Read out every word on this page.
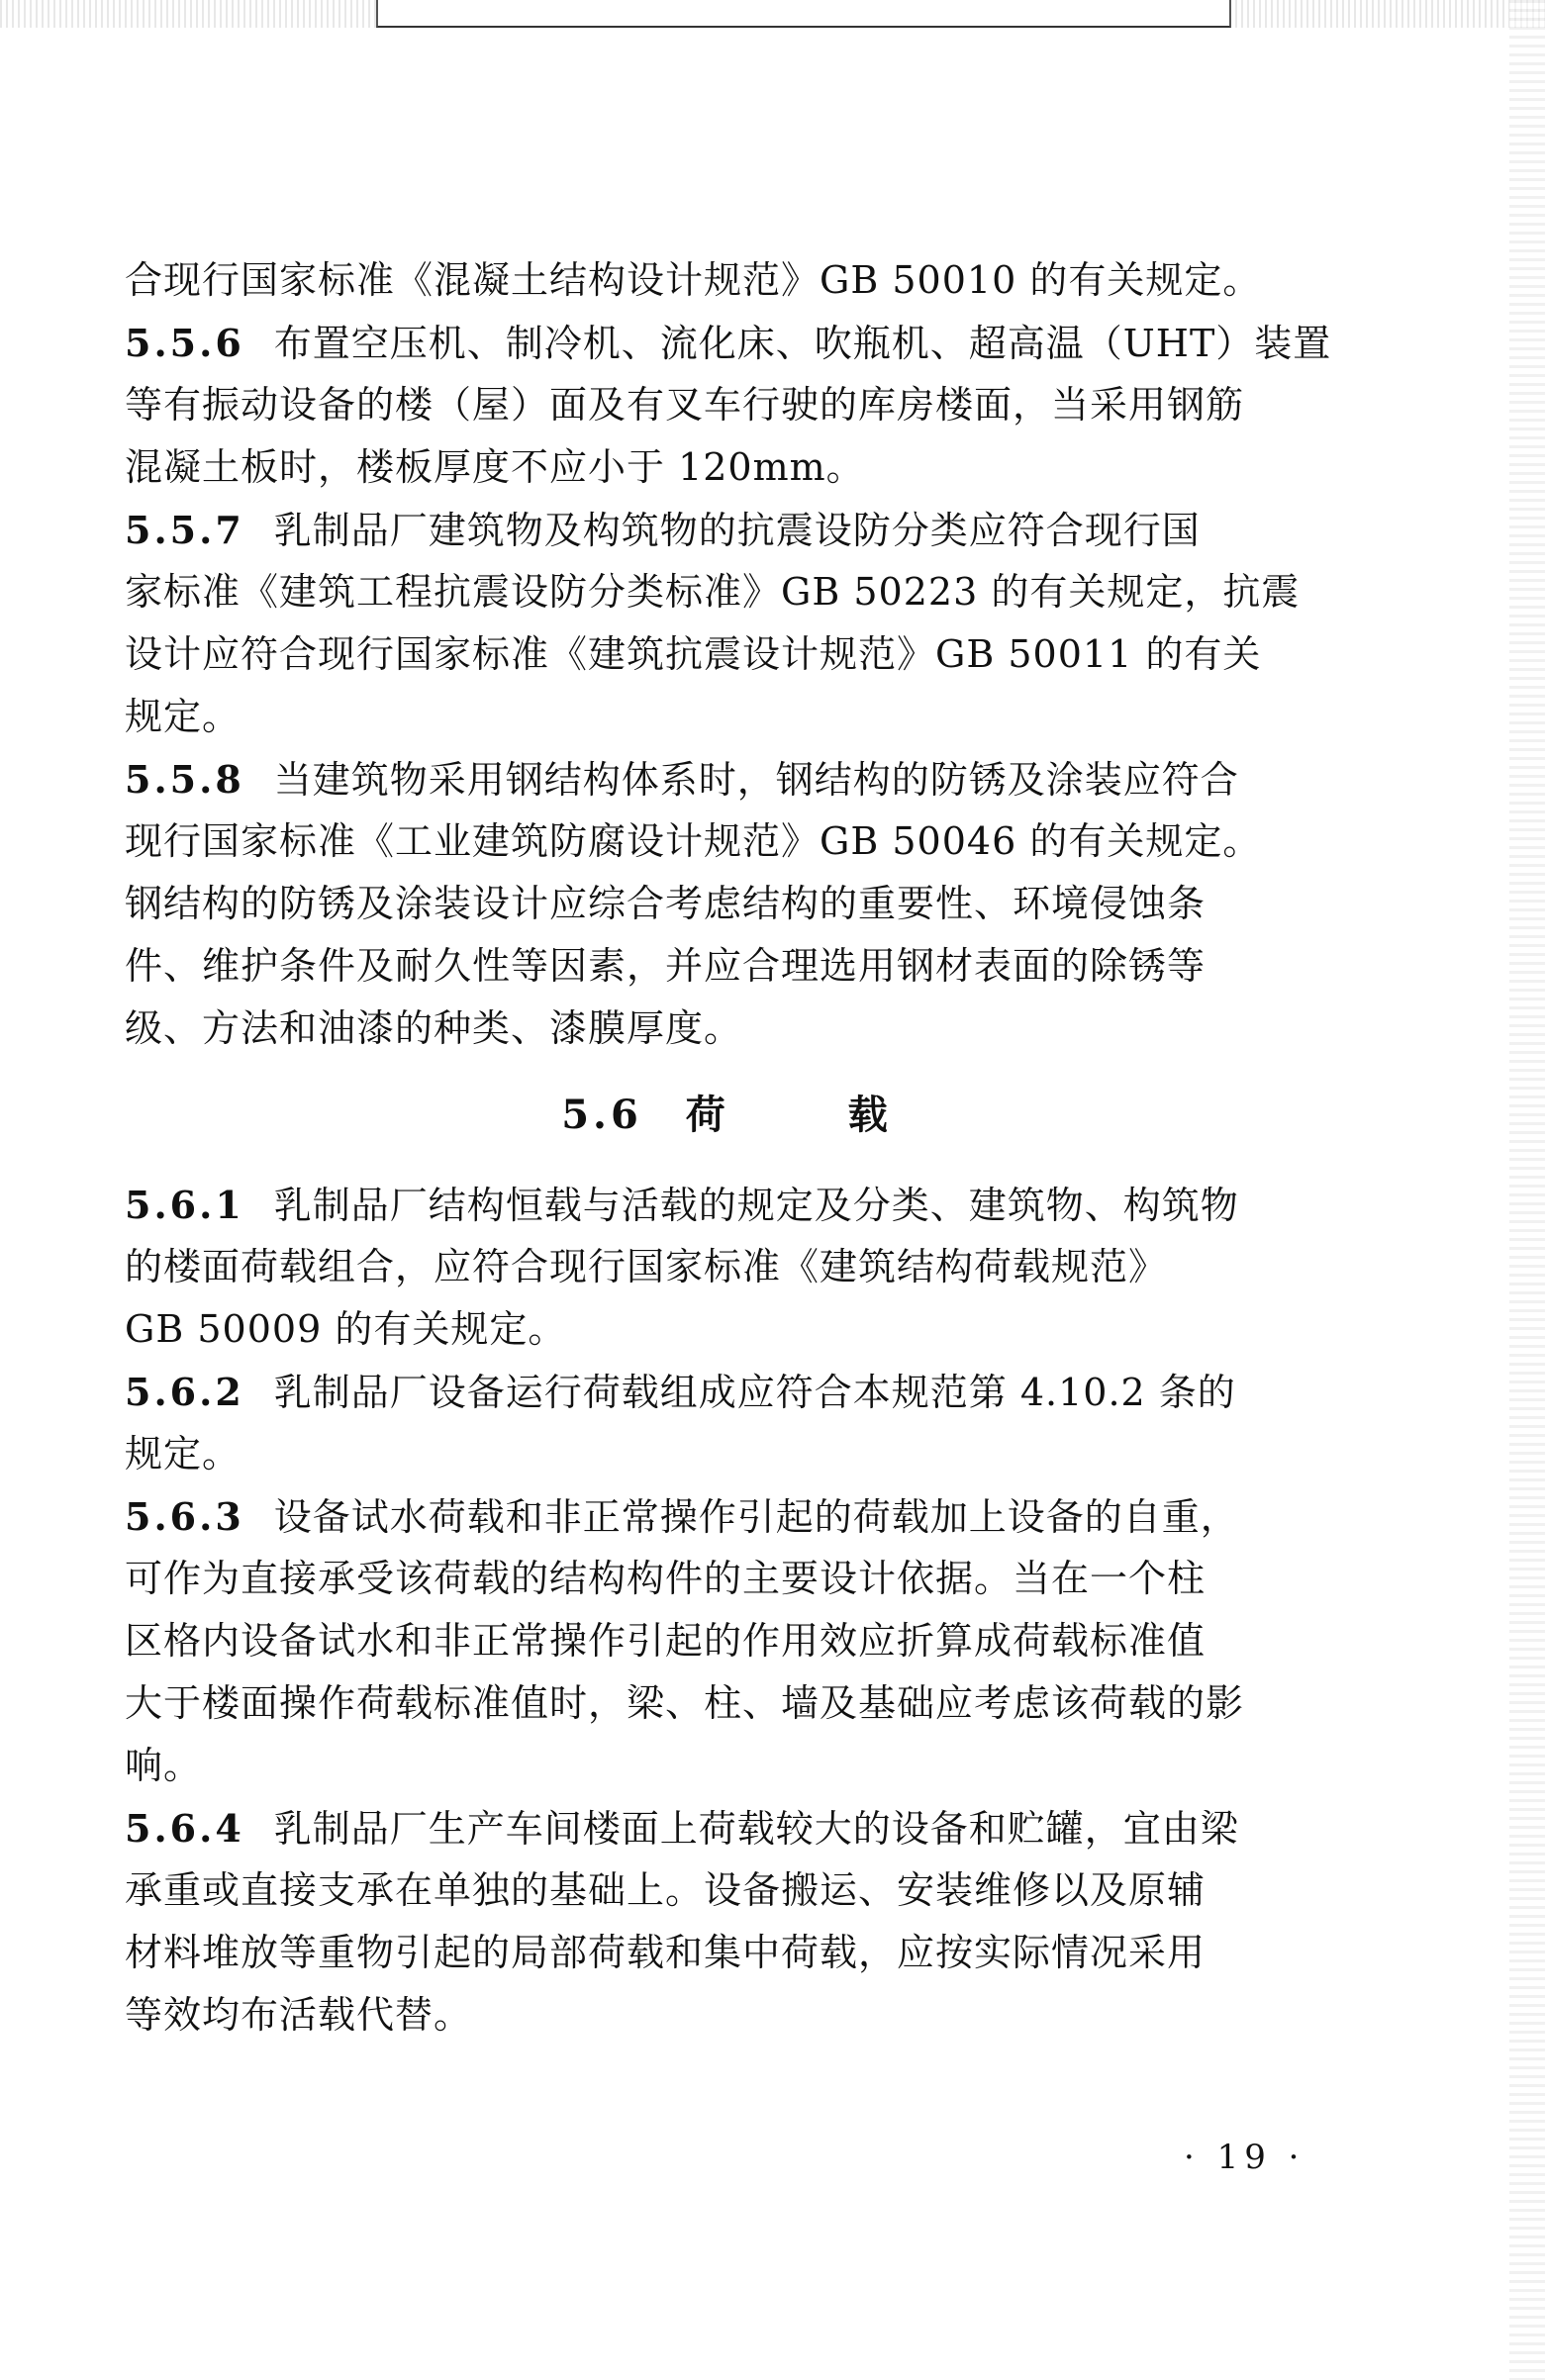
合现行国家标准《混凝土结构设计规范》GB 50010 的有关规定。
5.5.6 布置空压机、制冷机、流化床、吹瓶机、超高温（UHT）装置
等有振动设备的楼（屋）面及有叉车行驶的库房楼面，当采用钢筋
混凝土板时，楼板厚度不应小于 120mm。
5.5.7 乳制品厂建筑物及构筑物的抗震设防分类应符合现行国
家标准《建筑工程抗震设防分类标准》GB 50223 的有关规定，抗震
设计应符合现行国家标准《建筑抗震设计规范》GB 50011 的有关
规定。
5.5.8 当建筑物采用钢结构体系时，钢结构的防锈及涂装应符合
现行国家标准《工业建筑防腐设计规范》GB 50046 的有关规定。
钢结构的防锈及涂装设计应综合考虑结构的重要性、环境侵蚀条
件、维护条件及耐久性等因素，并应合理选用钢材表面的除锈等
级、方法和油漆的种类、漆膜厚度。
5.6 荷	载
5.6.1 乳制品厂结构恒载与活载的规定及分类、建筑物、构筑物
的楼面荷载组合，应符合现行国家标准《建筑结构荷载规范》
GB 50009 的有关规定。
5.6.2 乳制品厂设备运行荷载组成应符合本规范第 4.10.2 条的
规定。
5.6.3 设备试水荷载和非正常操作引起的荷载加上设备的自重，
可作为直接承受该荷载的结构构件的主要设计依据。当在一个柱
区格内设备试水和非正常操作引起的作用效应折算成荷载标准值
大于楼面操作荷载标准值时，梁、柱、墙及基础应考虑该荷载的影
响。
5.6.4 乳制品厂生产车间楼面上荷载较大的设备和贮罐，宜由梁
承重或直接支承在单独的基础上。设备搬运、安装维修以及原辅
材料堆放等重物引起的局部荷载和集中荷载，应按实际情况采用
等效均布活载代替。
· 19 ·
